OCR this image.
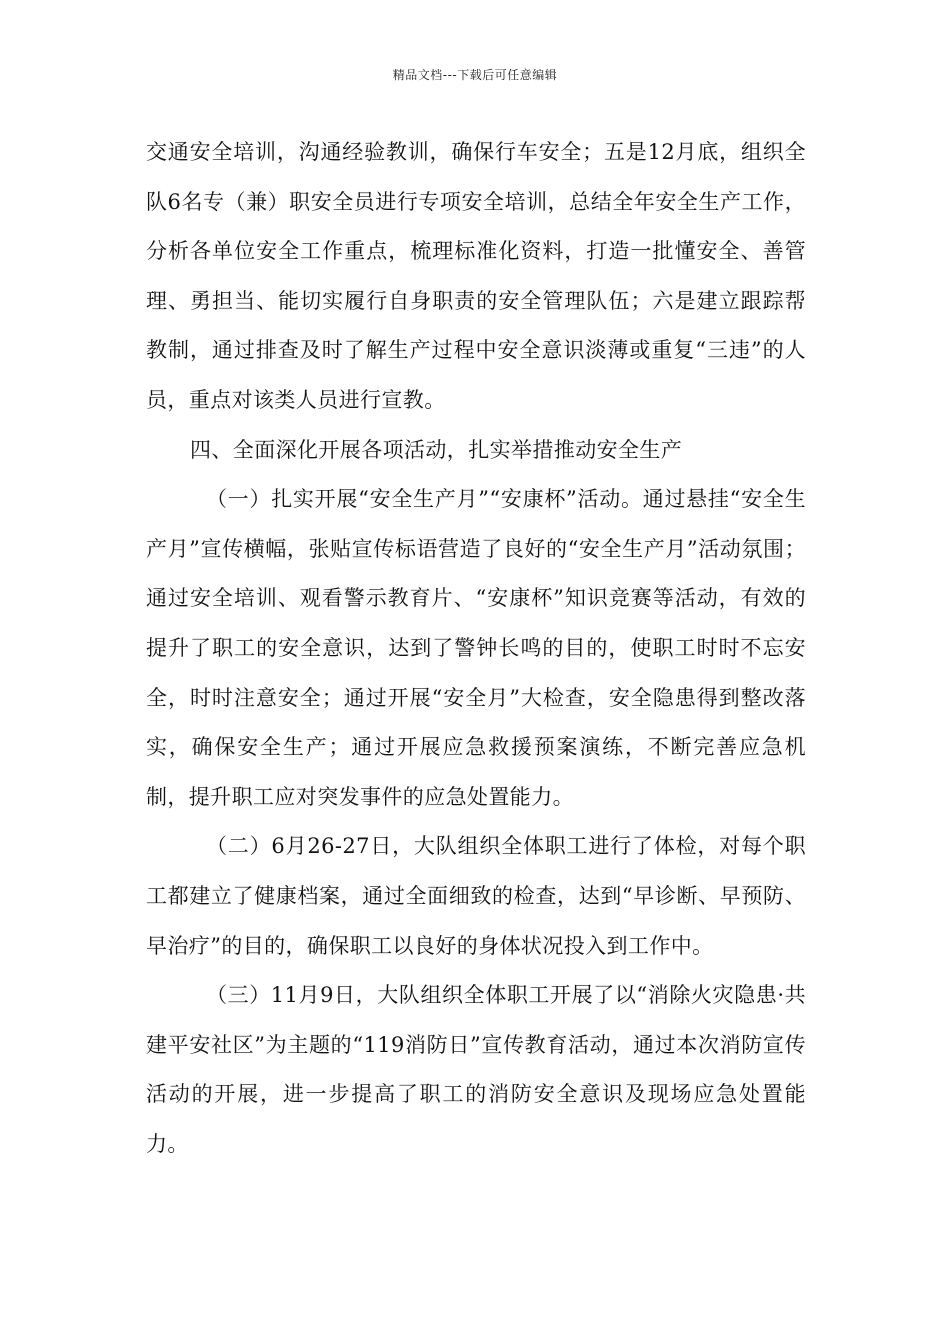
精品文档---下载后可任意编辑

交通安全培训，沟通经验教训，确保行车安全；五是12月底，组织全队6名专（兼）职安全员进行专项安全培训，总结全年安全生产工作，分析各单位安全工作重点，梳理标准化资料，打造一批懂安全、善管理、勇担当、能切实履行自身职责的安全管理队伍；六是建立跟踪帮教制，通过排查及时了解生产过程中安全意识淡薄或重复“三违”的人员，重点对该类人员进行宣教。

四、全面深化开展各项活动，扎实举措推动安全生产

（一）扎实开展“安全生产月”“安康杯”活动。通过悬挂“安全生产月”宣传横幅，张贴宣传标语营造了良好的“安全生产月”活动氛围；通过安全培训、观看警示教育片、“安康杯”知识竞赛等活动，有效的提升了职工的安全意识，达到了警钟长鸣的目的，使职工时时不忘安全，时时注意安全；通过开展“安全月”大检查，安全隐患得到整改落实，确保安全生产；通过开展应急救援预案演练，不断完善应急机制，提升职工应对突发事件的应急处置能力。

（二）6月26-27日，大队组织全体职工进行了体检，对每个职工都建立了健康档案，通过全面细致的检查，达到“早诊断、早预防、早治疗”的目的，确保职工以良好的身体状况投入到工作中。

（三）11月9日，大队组织全体职工开展了以“消除火灾隐患·共建平安社区”为主题的“119消防日”宣传教育活动，通过本次消防宣传活动的开展，进一步提高了职工的消防安全意识及现场应急处置能力。
